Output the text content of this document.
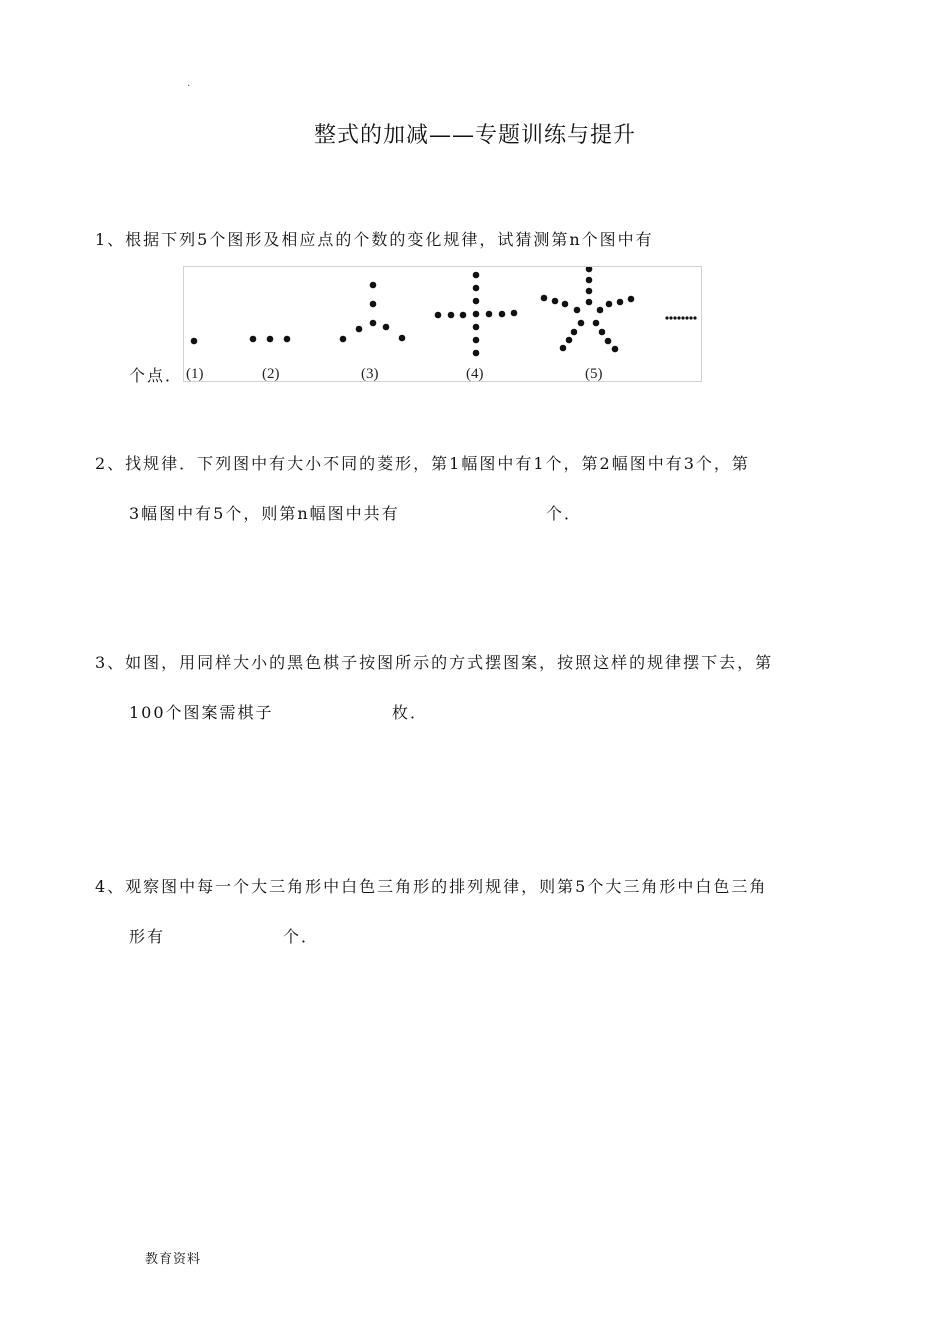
.
整式的加减——专题训练与提升
1、根据下列5个图形及相应点的个数的变化规律，试猜测第n个图中有
个点． (1)	(2)	(3)	(4)	(5)
2、找规律．下列图中有大小不同的菱形，第1幅图中有1个，第2幅图中有3个，第
3幅图中有5个，则第n幅图中共有	个．
3、如图，用同样大小的黑色棋子按图所示的方式摆图案，按照这样的规律摆下去，第
100个图案需棋子	枚．
4、观察图中每一个大三角形中白色三角形的排列规律，则第5个大三角形中白色三角
形有	个．
教育资料
